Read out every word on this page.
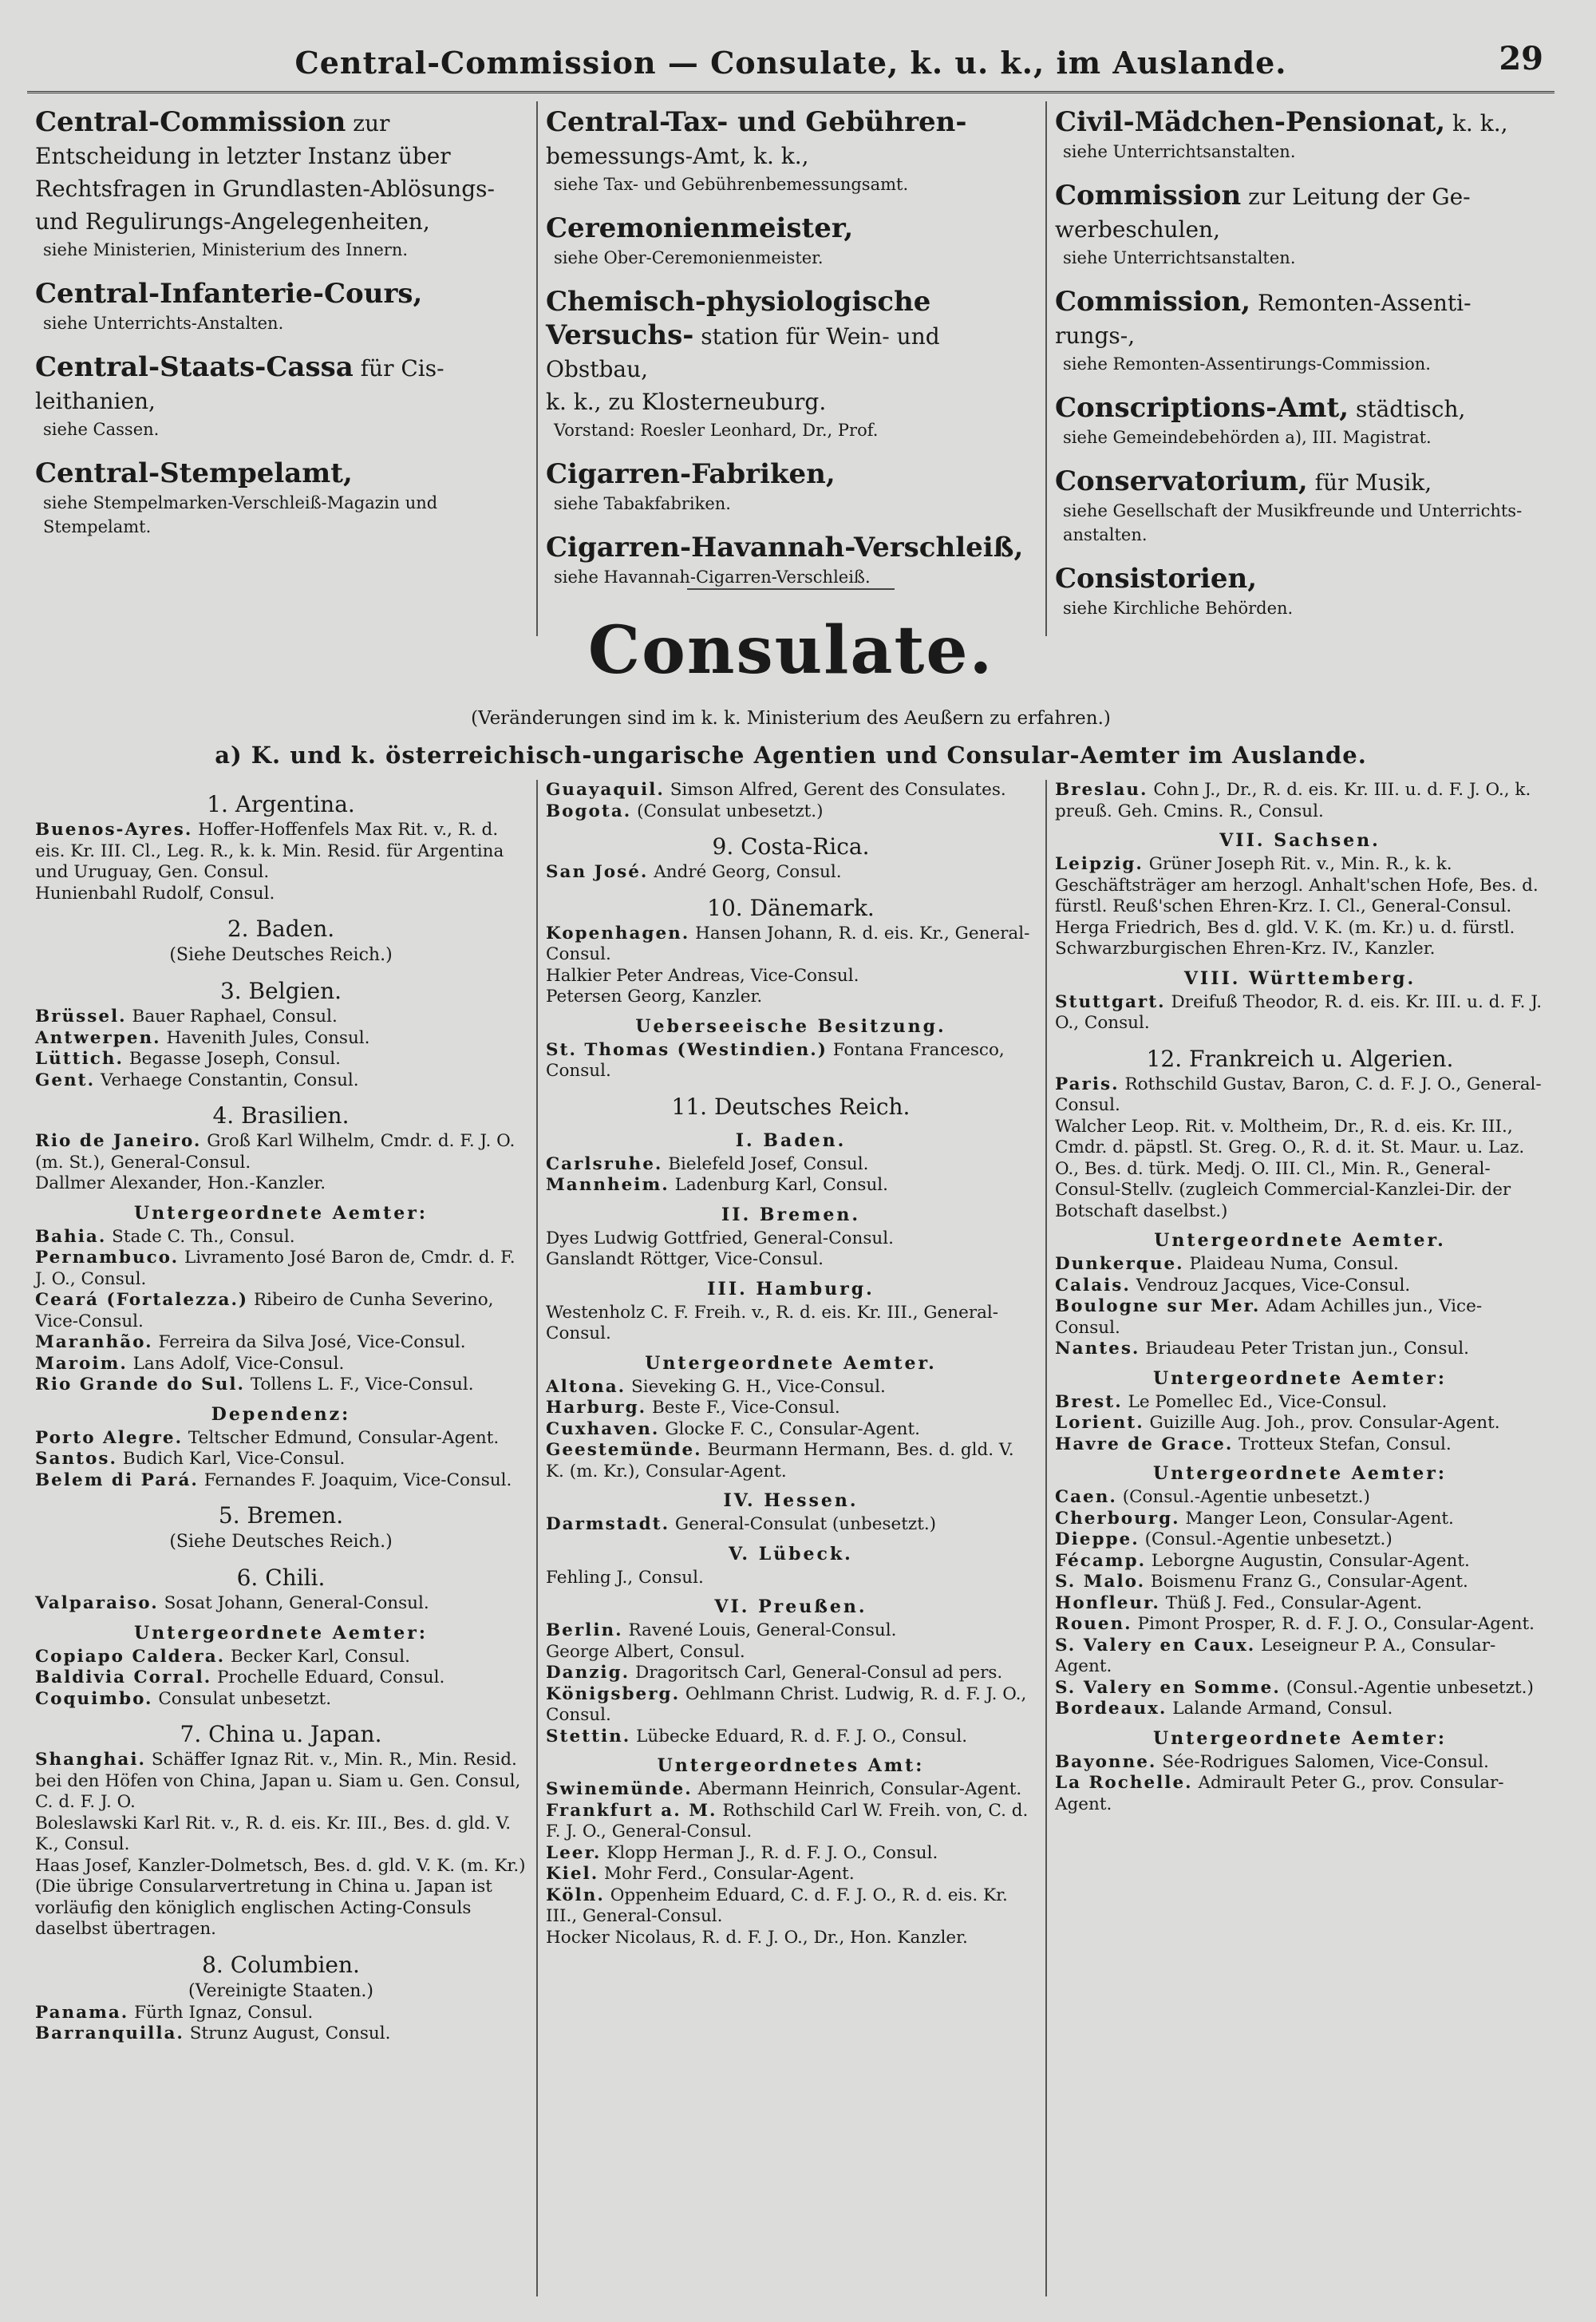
Central-Commission — Consulate, k. u. k., im Auslande.	29
Central-Commission zur Entscheidung in letzter Instanz über
Rechtsfragen in Grundlasten-Ablösungs-
und Regulirungs-Angelegenheiten,
siehe Ministerien, Ministerium des Innern.
Central-Infanterie-Cours,
siehe Unterrichts-Anstalten.
Central-Staats-Cassa für Cis-
leithanien,
siehe Cassen.
Central-Stempelamt,
siehe Stempelmarken-Verschleiß-Magazin und Stempelamt.
Central-Tax- und Gebühren- bemessungs-Amt, k. k.,
siehe Tax- und Gebührenbemessungsamt.
Ceremonienmeister,
siehe Ober-Ceremonienmeister.
Chemisch-physiologische Versuchs- station für Wein- und Obstbau,
k. k., zu Klosterneuburg.
Vorstand: Roesler Leonhard, Dr., Prof.
Cigarren-Fabriken,
siehe Tabakfabriken.
Cigarren-Havannah-Verschleiß,
siehe Havannah-Cigarren-Verschleiß.
Civil-Mädchen-Pensionat, k. k.,
siehe Unterrichtsanstalten.
Commission zur Leitung der Ge-
werbeschulen,
siehe Unterrichtsanstalten.
Commission, Remonten-Assenti-
rungs-,
siehe Remonten-Assentirungs-Commission.
Conscriptions-Amt, städtisch,
siehe Gemeindebehörden a), III. Magistrat.
Conservatorium, für Musik,
siehe Gesellschaft der Musikfreunde und Unterrichts-anstalten.
Consistorien,
siehe Kirchliche Behörden.
Consulate.
(Veränderungen sind im k. k. Ministerium des Aeußern zu erfahren.)
a) K. und k. österreichisch-ungarische Agentien und Consular-Aemter im Auslande.
1. Argentina.
Buenos-Ayres. Hoffer-Hoffenfels Max Rit. v., R. d. eis. Kr. III. Cl., Leg. R., k. k. Min. Resid. für Argentina und Uruguay, Gen. Consul.
Hunienbahl Rudolf, Consul.
2. Baden.
(Siehe Deutsches Reich.)
3. Belgien.
Brüssel. Bauer Raphael, Consul.
Antwerpen. Havenith Jules, Consul.
Lüttich. Begasse Joseph, Consul.
Gent. Verhaege Constantin, Consul.
4. Brasilien.
Rio de Janeiro. Groß Karl Wilhelm, Cmdr. d. F. J. O. (m. St.), General-Consul.
Dallmer Alexander, Hon.-Kanzler.
Untergeordnete Aemter:
Bahia. Stade C. Th., Consul.
Pernambuco. Livramento José Baron de, Cmdr. d. F. J. O., Consul.
Ceará (Fortalezza.) Ribeiro de Cunha Severino, Vice-Consul.
Maranhão. Ferreira da Silva José, Vice-Consul.
Maroim. Lans Adolf, Vice-Consul.
Rio Grande do Sul. Tollens L. F., Vice-Consul.
Dependenz:
Porto Alegre. Teltscher Edmund, Consular-Agent.
Santos. Budich Karl, Vice-Consul.
Belem di Pará. Fernandes F. Joaquim, Vice-Consul.
5. Bremen.
(Siehe Deutsches Reich.)
6. Chili.
Valparaiso. Sosat Johann, General-Consul.
Untergeordnete Aemter:
Copiapo Caldera. Becker Karl, Consul.
Baldivia Corral. Prochelle Eduard, Consul.
Coquimbo. Consulat unbesetzt.
7. China u. Japan.
Shanghai. Schäffer Ignaz Rit. v., Min. R., Min. Resid. bei den Höfen von China, Japan u. Siam u. Gen. Consul, C. d. F. J. O.
Boleslawski Karl Rit. v., R. d. eis. Kr. III., Bes. d. gld. V. K., Consul.
Haas Josef, Kanzler-Dolmetsch, Bes. d. gld. V. K. (m. Kr.)
(Die übrige Consularvertretung in China u. Japan ist vorläufig den königlich englischen Acting-Consuls daselbst übertragen.
8. Columbien.
(Vereinigte Staaten.)
Panama. Fürth Ignaz, Consul.
Barranquilla. Strunz August, Consul.
Guayaquil. Simson Alfred, Gerent des Consulates.
Bogota. (Consulat unbesetzt.)
9. Costa-Rica.
San José. André Georg, Consul.
10. Dänemark.
Kopenhagen. Hansen Johann, R. d. eis. Kr., General-Consul.
Halkier Peter Andreas, Vice-Consul.
Petersen Georg, Kanzler.
Ueberseeische Besitzung.
St. Thomas (Westindien.) Fontana Francesco, Consul.
11. Deutsches Reich.
I. Baden.
Carlsruhe. Bielefeld Josef, Consul.
Mannheim. Ladenburg Karl, Consul.
II. Bremen.
Dyes Ludwig Gottfried, General-Consul.
Ganslandt Röttger, Vice-Consul.
III. Hamburg.
Westenholz C. F. Freih. v., R. d. eis. Kr. III., General-Consul.
Untergeordnete Aemter.
Altona. Sieveking G. H., Vice-Consul.
Harburg. Beste F., Vice-Consul.
Cuxhaven. Glocke F. C., Consular-Agent.
Geestemünde. Beurmann Hermann, Bes. d. gld. V. K. (m. Kr.), Consular-Agent.
IV. Hessen.
Darmstadt. General-Consulat (unbesetzt.)
V. Lübeck.
Fehling J., Consul.
VI. Preußen.
Berlin. Ravené Louis, General-Consul.
George Albert, Consul.
Danzig. Dragoritsch Carl, General-Consul ad pers.
Königsberg. Oehlmann Christ. Ludwig, R. d. F. J. O., Consul.
Stettin. Lübecke Eduard, R. d. F. J. O., Consul.
Untergeordnetes Amt:
Swinemünde. Abermann Heinrich, Consular-Agent.
Frankfurt a. M. Rothschild Carl W. Freih. von, C. d. F. J. O., General-Consul.
Leer. Klopp Herman J., R. d. F. J. O., Consul.
Kiel. Mohr Ferd., Consular-Agent.
Köln. Oppenheim Eduard, C. d. F. J. O., R. d. eis. Kr. III., General-Consul.
Hocker Nicolaus, R. d. F. J. O., Dr., Hon. Kanzler.
Breslau. Cohn J., Dr., R. d. eis. Kr. III. u. d. F. J. O., k. preuß. Geh. Cmins. R., Consul.
VII. Sachsen.
Leipzig. Grüner Joseph Rit. v., Min. R., k. k. Geschäftsträger am herzogl. Anhalt'schen Hofe, Bes. d. fürstl. Reuß'schen Ehren-Krz. I. Cl., General-Consul.
Herga Friedrich, Bes d. gld. V. K. (m. Kr.) u. d. fürstl. Schwarzburgischen Ehren-Krz. IV., Kanzler.
VIII. Württemberg.
Stuttgart. Dreifuß Theodor, R. d. eis. Kr. III. u. d. F. J. O., Consul.
12. Frankreich u. Algerien.
Paris. Rothschild Gustav, Baron, C. d. F. J. O., General-Consul.
Walcher Leop. Rit. v. Moltheim, Dr., R. d. eis. Kr. III., Cmdr. d. päpstl. St. Greg. O., R. d. it. St. Maur. u. Laz. O., Bes. d. türk. Medj. O. III. Cl., Min. R., General-Consul-Stellv. (zugleich Commercial-Kanzlei-Dir. der Botschaft daselbst.)
Untergeordnete Aemter.
Dunkerque. Plaideau Numa, Consul.
Calais. Vendrouz Jacques, Vice-Consul.
Boulogne sur Mer. Adam Achilles jun., Vice-Consul.
Nantes. Briaudeau Peter Tristan jun., Consul.
Untergeordnete Aemter:
Brest. Le Pomellec Ed., Vice-Consul.
Lorient. Guizille Aug. Joh., prov. Consular-Agent.
Havre de Grace. Trotteux Stefan, Consul.
Untergeordnete Aemter:
Caen. (Consul.-Agentie unbesetzt.)
Cherbourg. Manger Leon, Consular-Agent.
Dieppe. (Consul.-Agentie unbesetzt.)
Fécamp. Leborgne Augustin, Consular-Agent.
S. Malo. Boismenu Franz G., Consular-Agent.
Honfleur. Thüß J. Fed., Consular-Agent.
Rouen. Pimont Prosper, R. d. F. J. O., Consular-Agent.
S. Valery en Caux. Leseigneur P. A., Consular-Agent.
S. Valery en Somme. (Consul.-Agentie unbesetzt.)
Bordeaux. Lalande Armand, Consul.
Untergeordnete Aemter:
Bayonne. Sée-Rodrigues Salomen, Vice-Consul.
La Rochelle. Admirault Peter G., prov. Consular-Agent.
